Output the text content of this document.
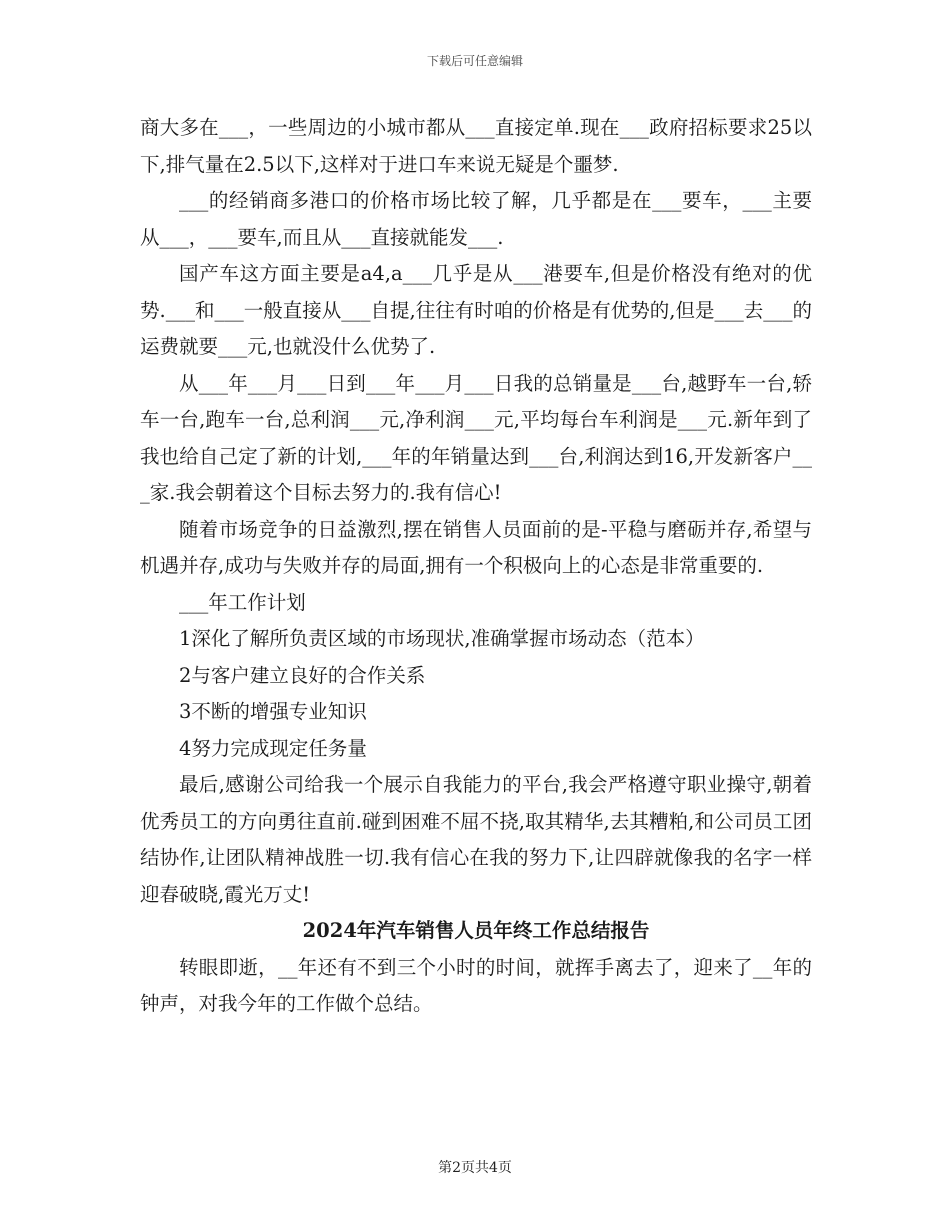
下载后可任意编辑

商大多在___，一些周边的小城市都从___直接定单.现在___政府招标要求25以下,排气量在2.5以下,这样对于进口车来说无疑是个噩梦.

___的经销商多港口的价格市场比较了解，几乎都是在___要车，___主要从___，___要车,而且从___直接就能发___.

国产车这方面主要是a4,a___几乎是从___港要车,但是价格没有绝对的优势.___和___一般直接从___自提,往往有时咱的价格是有优势的,但是___去___的运费就要___元,也就没什么优势了.

从___年___月___日到___年___月___日我的总销量是___台,越野车一台,轿车一台,跑车一台,总利润___元,净利润___元,平均每台车利润是___元.新年到了我也给自己定了新的计划,___年的年销量达到___台,利润达到16,开发新客户___家.我会朝着这个目标去努力的.我有信心!

随着市场竞争的日益激烈,摆在销售人员面前的是-平稳与磨砺并存,希望与机遇并存,成功与失败并存的局面,拥有一个积极向上的心态是非常重要的.

___年工作计划

1深化了解所负责区域的市场现状,准确掌握市场动态（范本）

2与客户建立良好的合作关系

3不断的增强专业知识

4努力完成现定任务量

最后,感谢公司给我一个展示自我能力的平台,我会严格遵守职业操守,朝着优秀员工的方向勇往直前.碰到困难不屈不挠,取其精华,去其糟粕,和公司员工团结协作,让团队精神战胜一切.我有信心在我的努力下,让四辟就像我的名字一样迎春破晓,霞光万丈!

2024年汽车销售人员年终工作总结报告

转眼即逝，__年还有不到三个小时的时间，就挥手离去了，迎来了__年的钟声，对我今年的工作做个总结。

第2页共4页
